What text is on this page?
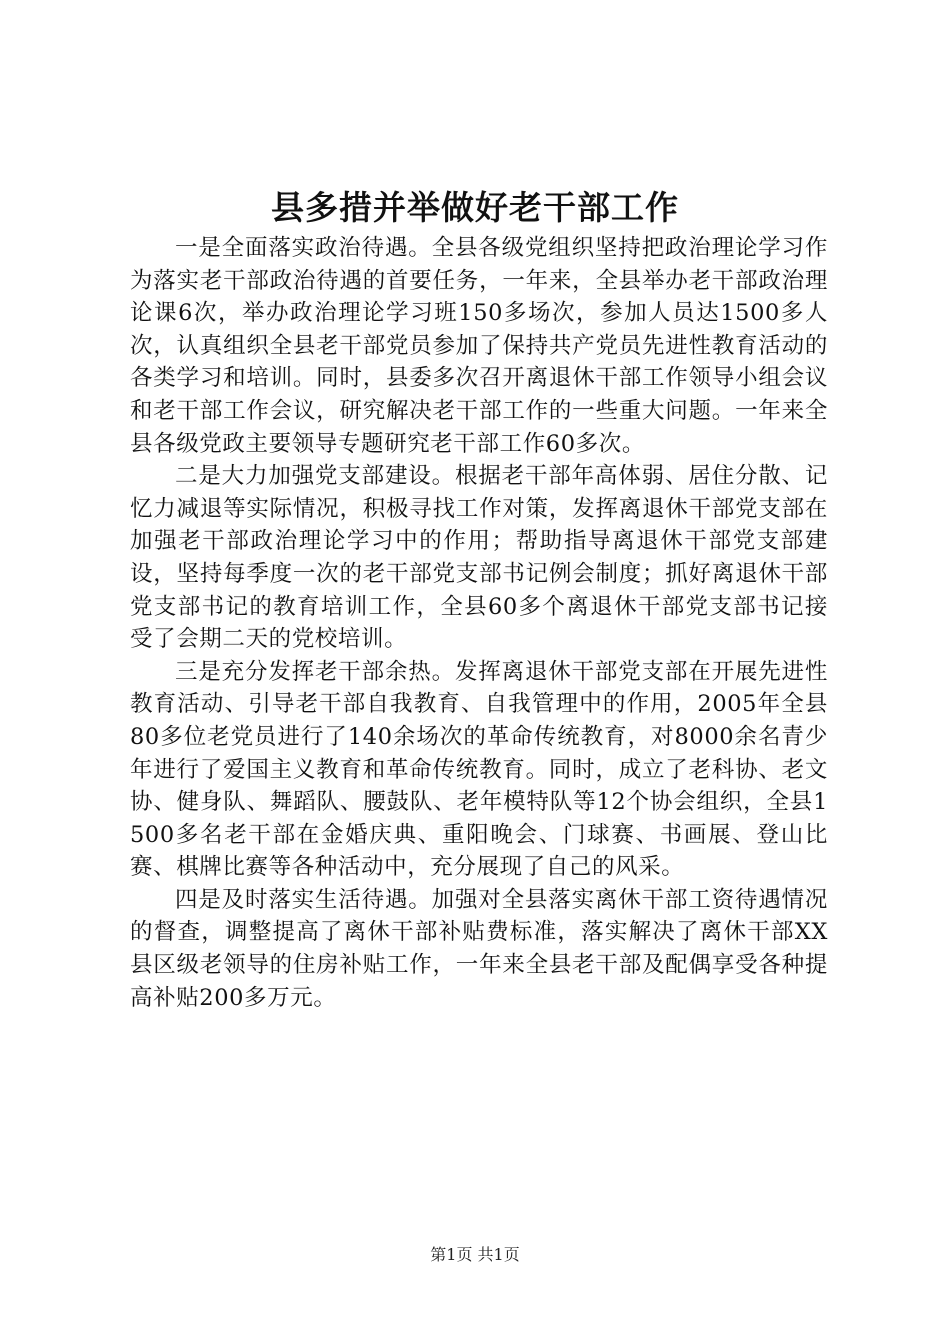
县多措并举做好老干部工作

一是全面落实政治待遇。全县各级党组织坚持把政治理论学习作为落实老干部政治待遇的首要任务，一年来，全县举办老干部政治理论课6次，举办政治理论学习班150多场次，参加人员达1500多人次，认真组织全县老干部党员参加了保持共产党员先进性教育活动的各类学习和培训。同时，县委多次召开离退休干部工作领导小组会议和老干部工作会议，研究解决老干部工作的一些重大问题。一年来全县各级党政主要领导专题研究老干部工作60多次。

二是大力加强党支部建设。根据老干部年高体弱、居住分散、记忆力减退等实际情况，积极寻找工作对策，发挥离退休干部党支部在加强老干部政治理论学习中的作用；帮助指导离退休干部党支部建设，坚持每季度一次的老干部党支部书记例会制度；抓好离退休干部党支部书记的教育培训工作，全县60多个离退休干部党支部书记接受了会期二天的党校培训。

三是充分发挥老干部余热。发挥离退休干部党支部在开展先进性教育活动、引导老干部自我教育、自我管理中的作用，2005年全县80多位老党员进行了140余场次的革命传统教育，对8000余名青少年进行了爱国主义教育和革命传统教育。同时，成立了老科协、老文协、健身队、舞蹈队、腰鼓队、老年模特队等12个协会组织，全县1500多名老干部在金婚庆典、重阳晚会、门球赛、书画展、登山比赛、棋牌比赛等各种活动中，充分展现了自己的风采。

四是及时落实生活待遇。加强对全县落实离休干部工资待遇情况的督查，调整提高了离休干部补贴费标准，落实解决了离休干部XX县区级老领导的住房补贴工作，一年来全县老干部及配偶享受各种提高补贴200多万元。

第1页 共1页
